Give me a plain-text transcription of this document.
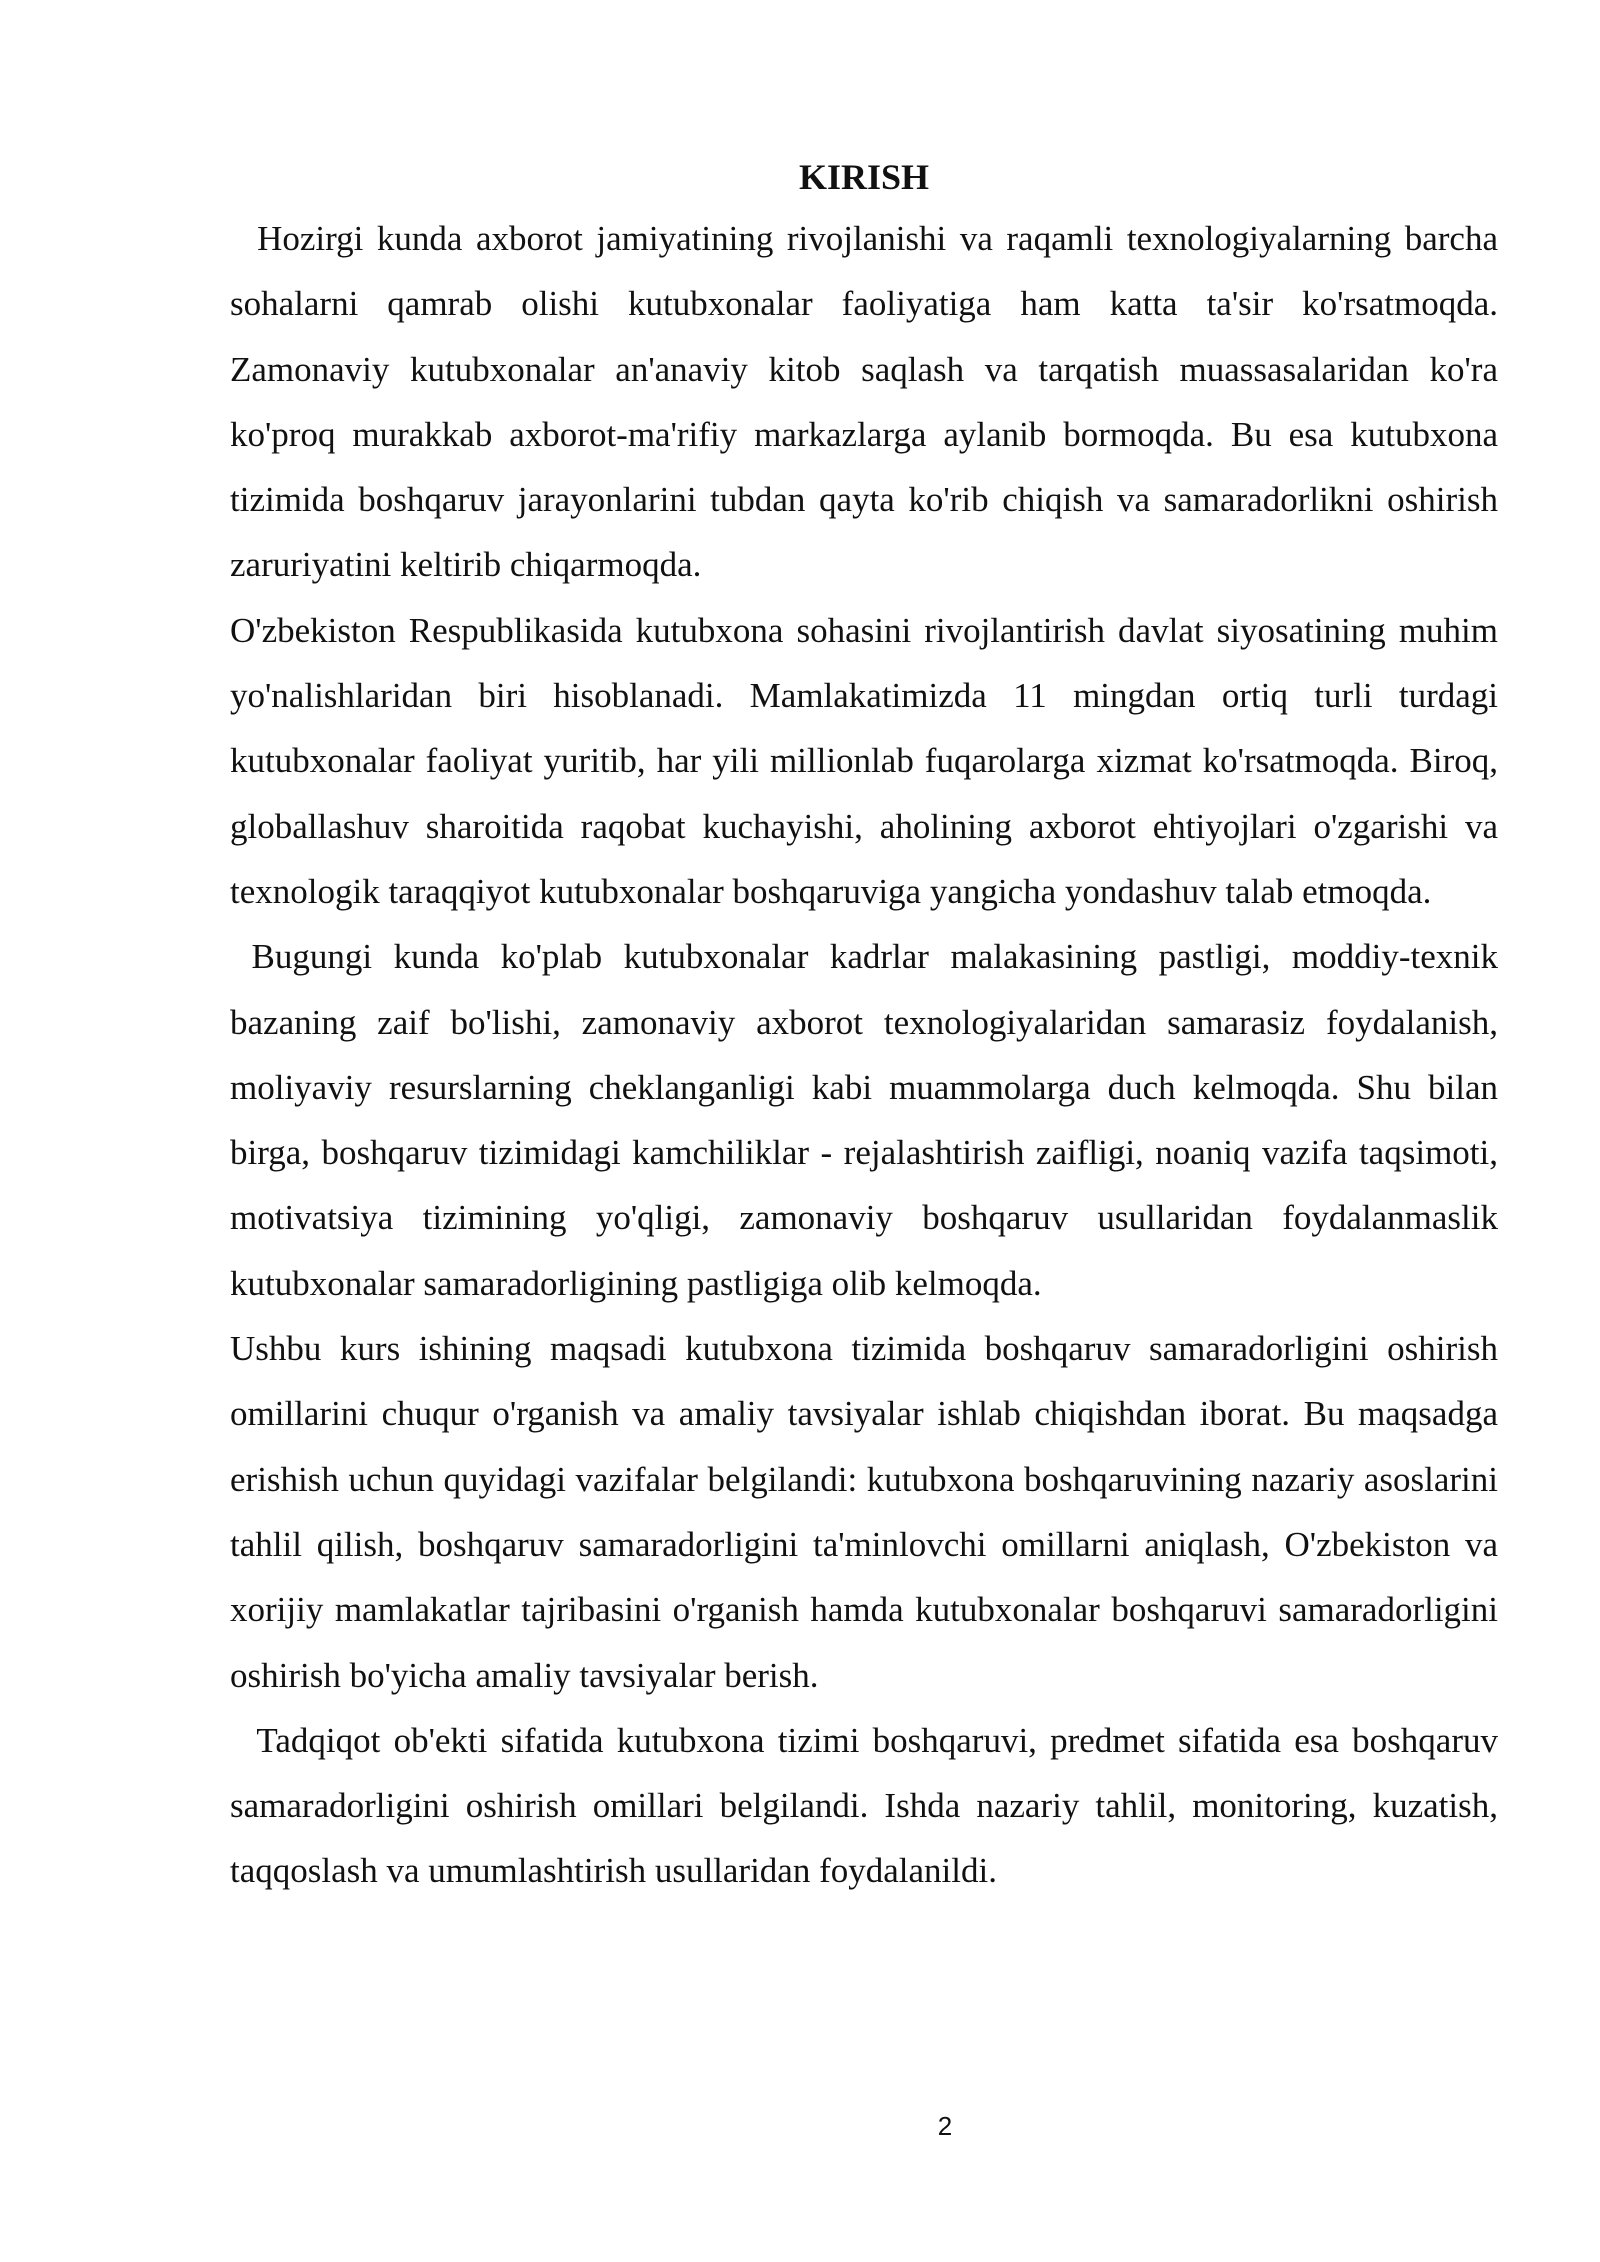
KIRISH

Hozirgi kunda axborot jamiyatining rivojlanishi va raqamli texnologiyalarning barcha sohalarni qamrab olishi kutubxonalar faoliyatiga ham katta ta'sir ko'rsatmoqda. Zamonaviy kutubxonalar an'anaviy kitob saqlash va tarqatish muassasalaridan ko'ra ko'proq murakkab axborot-ma'rifiy markazlarga aylanib bormoqda. Bu esa kutubxona tizimida boshqaruv jarayonlarini tubdan qayta ko'rib chiqish va samaradorlikni oshirish zaruriyatini keltirib chiqarmoqda.

O'zbekiston Respublikasida kutubxona sohasini rivojlantirish davlat siyosatining muhim yo'nalishlaridan biri hisoblanadi. Mamlakatimizda 11 mingdan ortiq turli turdagi kutubxonalar faoliyat yuritib, har yili millionlab fuqarolarga xizmat ko'rsatmoqda. Biroq, globallashuv sharoitida raqobat kuchayishi, aholining axborot ehtiyojlari o'zgarishi va texnologik taraqqiyot kutubxonalar boshqaruviga yangicha yondashuv talab etmoqda.

Bugungi kunda ko'plab kutubxonalar kadrlar malakasining pastligi, moddiy-texnik bazaning zaif bo'lishi, zamonaviy axborot texnologiyalaridan samarasiz foydalanish, moliyaviy resurslarning cheklanganligi kabi muammolarga duch kelmoqda. Shu bilan birga, boshqaruv tizimidagi kamchiliklar - rejalashtirish zaifligi, noaniq vazifa taqsimoti, motivatsiya tizimining yo'qligi, zamonaviy boshqaruv usullaridan foydalanmaslik kutubxonalar samaradorligining pastligiga olib kelmoqda.

Ushbu kurs ishining maqsadi kutubxona tizimida boshqaruv samaradorligini oshirish omillarini chuqur o'rganish va amaliy tavsiyalar ishlab chiqishdan iborat. Bu maqsadga erishish uchun quyidagi vazifalar belgilandi: kutubxona boshqaruvining nazariy asoslarini tahlil qilish, boshqaruv samaradorligini ta'minlovchi omillarni aniqlash, O'zbekiston va xorijiy mamlakatlar tajribasini o'rganish hamda kutubxonalar boshqaruvi samaradorligini oshirish bo'yicha amaliy tavsiyalar berish.

Tadqiqot ob'ekti sifatida kutubxona tizimi boshqaruvi, predmet sifatida esa boshqaruv samaradorligini oshirish omillari belgilandi. Ishda nazariy tahlil, monitoring, kuzatish, taqqoslash va umumlashtirish usullaridan foydalanildi.

2
